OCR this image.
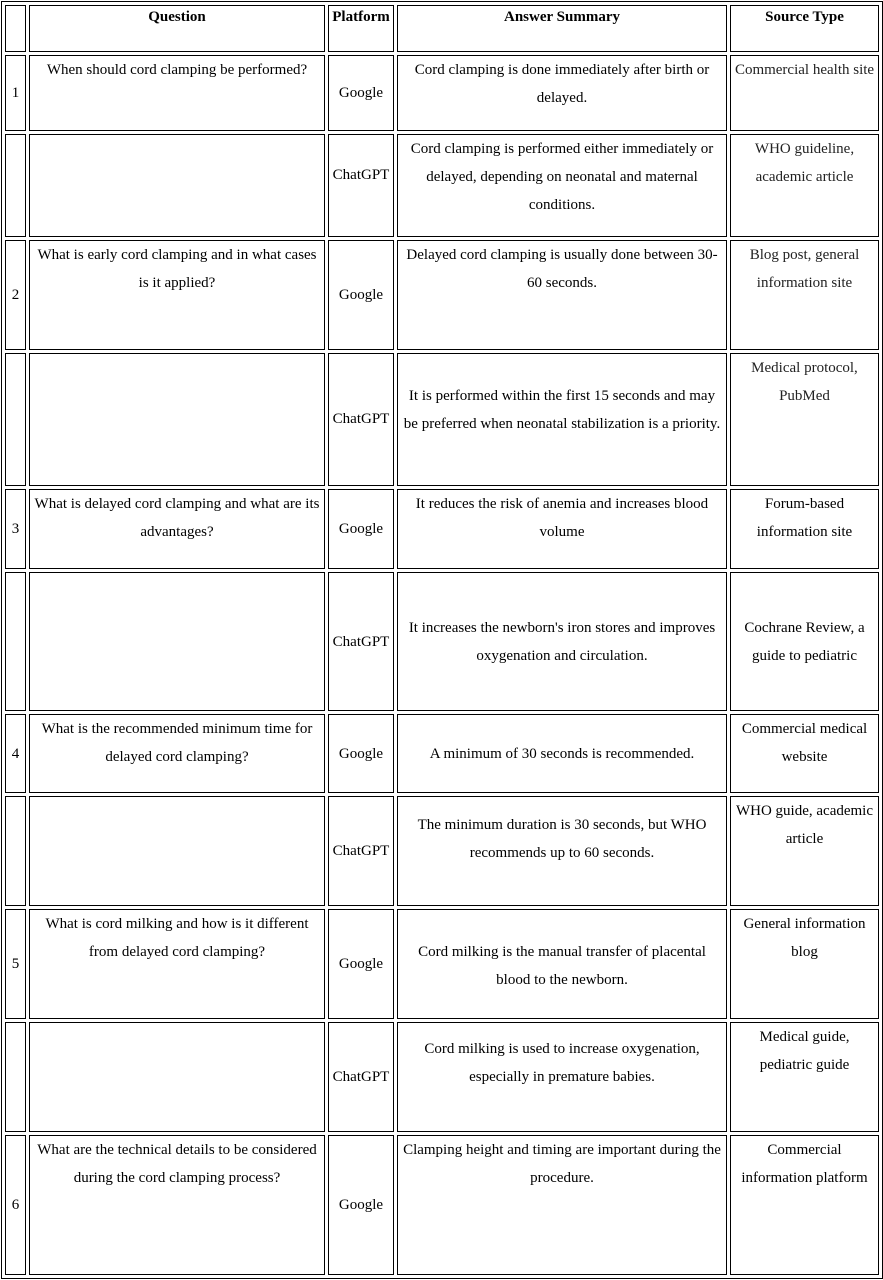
	Question	Platform	Answer Summary	Source Type
1	When should cord clamping be performed?	Google	Cord clamping is done immediately after birth or delayed.	Commercial health site
		ChatGPT	Cord clamping is performed either immediately or delayed, depending on neonatal and maternal conditions.	WHO guideline, academic article
2	What is early cord clamping and in what cases is it applied?	Google	Delayed cord clamping is usually done between 30-60 seconds.	Blog post, general information site
		ChatGPT	It is performed within the first 15 seconds and may be preferred when neonatal stabilization is a priority.	Medical protocol, PubMed
3	What is delayed cord clamping and what are its advantages?	Google	It reduces the risk of anemia and increases blood volume	Forum-based information site
		ChatGPT	It increases the newborn's iron stores and improves oxygenation and circulation.	Cochrane Review, a guide to pediatric
4	What is the recommended minimum time for delayed cord clamping?	Google	A minimum of 30 seconds is recommended.	Commercial medical website
		ChatGPT	The minimum duration is 30 seconds, but WHO recommends up to 60 seconds.	WHO guide, academic article
5	What is cord milking and how is it different from delayed cord clamping?	Google	Cord milking is the manual transfer of placental blood to the newborn.	General information blog
		ChatGPT	Cord milking is used to increase oxygenation, especially in premature babies.	Medical guide, pediatric guide
6	What are the technical details to be considered during the cord clamping process?	Google	Clamping height and timing are important during the procedure.	Commercial information platform
